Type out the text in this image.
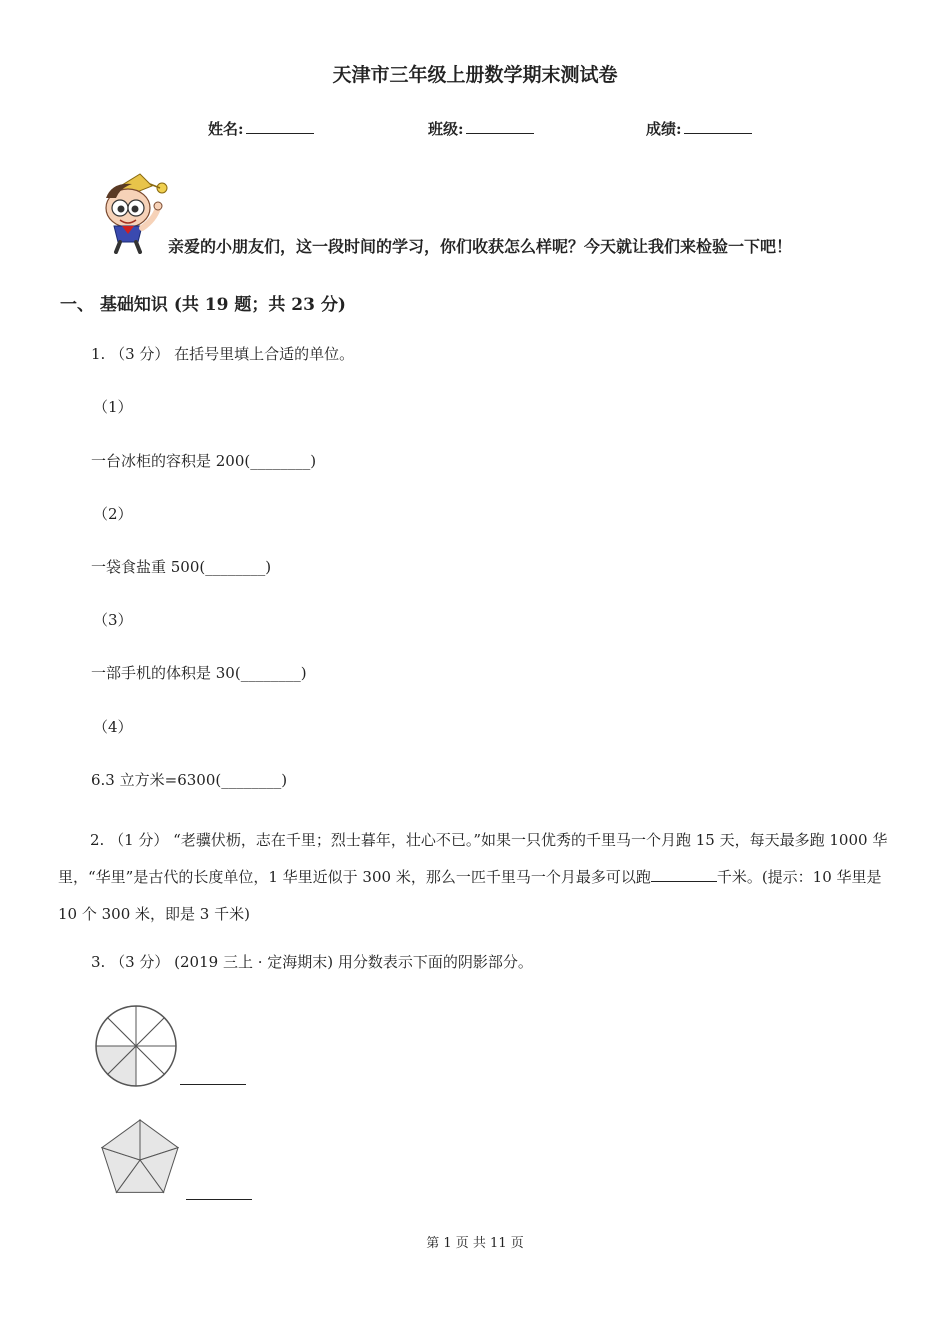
天津市三年级上册数学期末测试卷
姓名:	班级:	成绩:
亲爱的小朋友们，这一段时间的学习，你们收获怎么样呢？今天就让我们来检验一下吧！
一、 基础知识 (共 19 题；共 23 分)
1. （3 分） 在括号里填上合适的单位。
（1）
一台冰柜的容积是 200(________)
（2）
一袋食盐重 500(________)
（3）
一部手机的体积是 30(________)
（4）
6.3 立方米=6300(________)
2. （1 分） “老骥伏枥，志在千里；烈士暮年，壮心不已。”如果一只优秀的千里马一个月跑 15 天，每天最多跑 1000 华里，“华里”是古代的长度单位，1 华里近似于 300 米，那么一匹千里马一个月最多可以跑	千米。(提示：10 华里是 10 个 300 米，即是 3 千米)
3. （3 分） (2019 三上 · 定海期末) 用分数表示下面的阴影部分。
第 1 页 共 11 页
